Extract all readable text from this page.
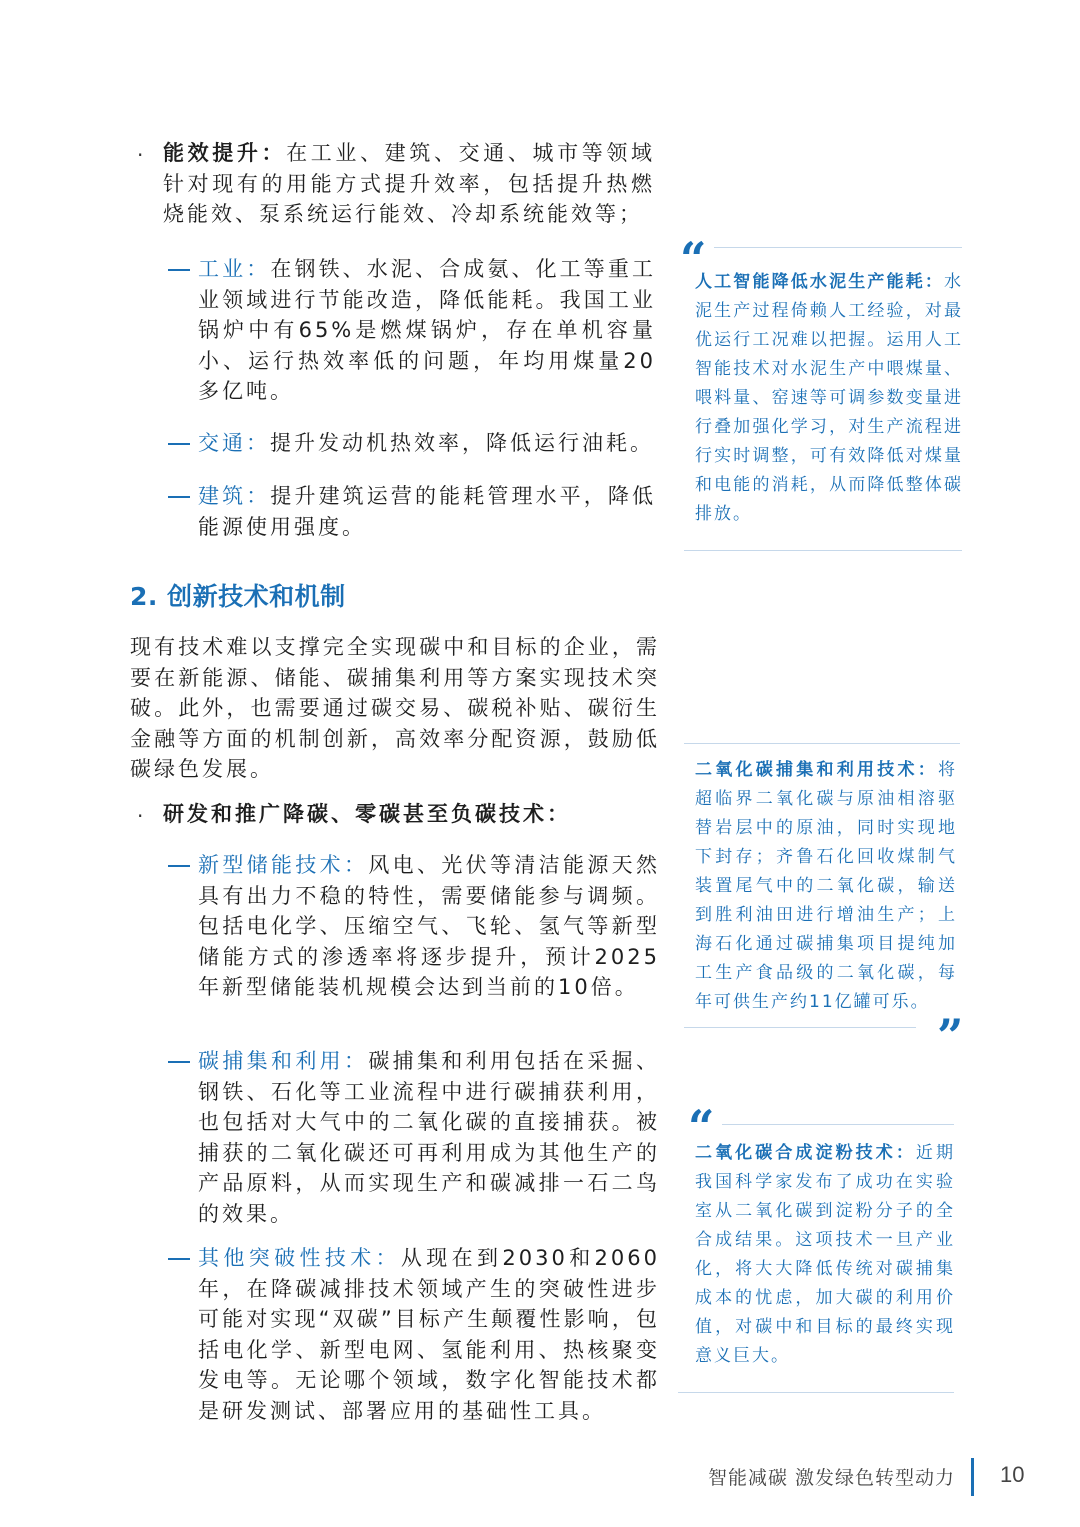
· 能效提升：在工业、建筑、交通、城市等领域针对现有的用能方式提升效率，包括提升热燃烧能效、泵系统运行能效、冷却系统能效等；
工业：在钢铁、水泥、合成氨、化工等重工业领域进行节能改造，降低能耗。我国工业锅炉中有65%是燃煤锅炉，存在单机容量小、运行热效率低的问题，年均用煤量20多亿吨。
交通：提升发动机热效率，降低运行油耗。
建筑：提升建筑运营的能耗管理水平，降低能源使用强度。
2. 创新技术和机制
现有技术难以支撑完全实现碳中和目标的企业，需要在新能源、储能、碳捕集利用等方案实现技术突破。此外，也需要通过碳交易、碳税补贴、碳衍生金融等方面的机制创新，高效率分配资源，鼓励低碳绿色发展。
· 研发和推广降碳、零碳甚至负碳技术：
新型储能技术：风电、光伏等清洁能源天然具有出力不稳的特性，需要储能参与调频。包括电化学、压缩空气、飞轮、氢气等新型储能方式的渗透率将逐步提升，预计2025年新型储能装机规模会达到当前的10倍。
碳捕集和利用：碳捕集和利用包括在采掘、钢铁、石化等工业流程中进行碳捕获利用，也包括对大气中的二氧化碳的直接捕获。被捕获的二氧化碳还可再利用成为其他生产的产品原料，从而实现生产和碳减排一石二鸟的效果。
其他突破性技术：从现在到2030和2060年，在降碳减排技术领域产生的突破性进步可能对实现“双碳”目标产生颠覆性影响，包括电化学、新型电网、氢能利用、热核聚变发电等。无论哪个领域，数字化智能技术都是研发测试、部署应用的基础性工具。
“
人工智能降低水泥生产能耗：水泥生产过程倚赖人工经验，对最优运行工况难以把握。运用人工智能技术对水泥生产中喂煤量、喂料量、窑速等可调参数变量进行叠加强化学习，对生产流程进行实时调整，可有效降低对煤量和电能的消耗，从而降低整体碳排放。
二氧化碳捕集和利用技术：将超临界二氧化碳与原油相溶驱替岩层中的原油，同时实现地下封存；齐鲁石化回收煤制气装置尾气中的二氧化碳，输送到胜利油田进行增油生产；上海石化通过碳捕集项目提纯加工生产食品级的二氧化碳，每年可供生产约11亿罐可乐。
”
“
二氧化碳合成淀粉技术：近期我国科学家发布了成功在实验室从二氧化碳到淀粉分子的全合成结果。这项技术一旦产业化，将大大降低传统对碳捕集成本的忧虑，加大碳的利用价值，对碳中和目标的最终实现意义巨大。
智能减碳 激发绿色转型动力 10
